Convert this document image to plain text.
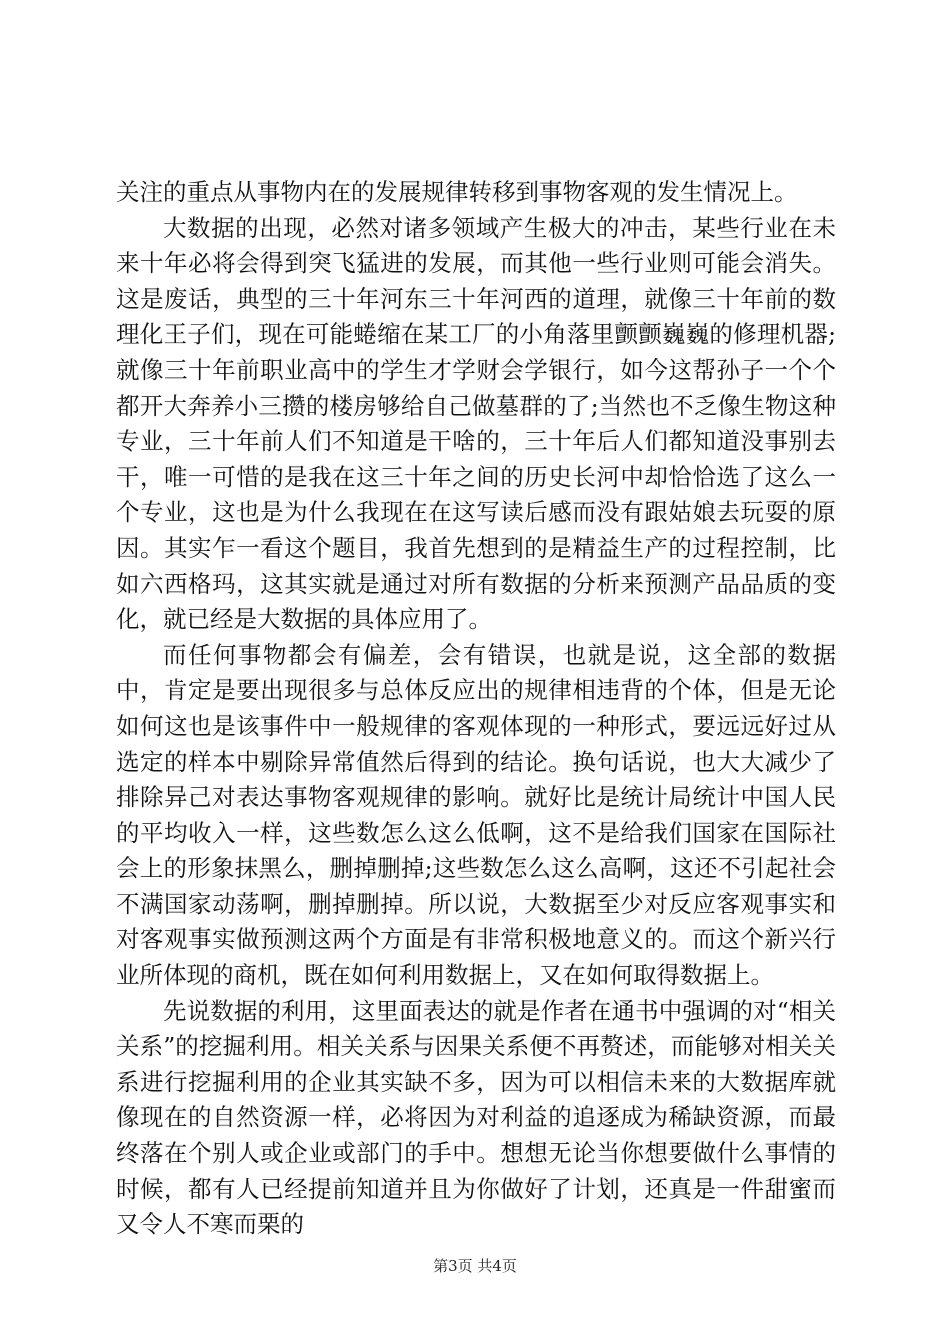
关注的重点从事物内在的发展规律转移到事物客观的发生情况上。

大数据的出现，必然对诸多领域产生极大的冲击，某些行业在未来十年必将会得到突飞猛进的发展，而其他一些行业则可能会消失。这是废话，典型的三十年河东三十年河西的道理，就像三十年前的数理化王子们，现在可能蜷缩在某工厂的小角落里颤颤巍巍的修理机器;就像三十年前职业高中的学生才学财会学银行，如今这帮孙子一个个都开大奔养小三攒的楼房够给自己做墓群的了;当然也不乏像生物这种专业，三十年前人们不知道是干啥的，三十年后人们都知道没事别去干，唯一可惜的是我在这三十年之间的历史长河中却恰恰选了这么一个专业，这也是为什么我现在在这写读后感而没有跟姑娘去玩耍的原因。其实乍一看这个题目，我首先想到的是精益生产的过程控制，比如六西格玛，这其实就是通过对所有数据的分析来预测产品品质的变化，就已经是大数据的具体应用了。

而任何事物都会有偏差，会有错误，也就是说，这全部的数据中，肯定是要出现很多与总体反应出的规律相违背的个体，但是无论如何这也是该事件中一般规律的客观体现的一种形式，要远远好过从选定的样本中剔除异常值然后得到的结论。换句话说，也大大减少了排除异己对表达事物客观规律的影响。就好比是统计局统计中国人民的平均收入一样，这些数怎么这么低啊，这不是给我们国家在国际社会上的形象抹黑么，删掉删掉;这些数怎么这么高啊，这还不引起社会不满国家动荡啊，删掉删掉。所以说，大数据至少对反应客观事实和对客观事实做预测这两个方面是有非常积极地意义的。而这个新兴行业所体现的商机，既在如何利用数据上，又在如何取得数据上。

先说数据的利用，这里面表达的就是作者在通书中强调的对“相关关系”的挖掘利用。相关关系与因果关系便不再赘述，而能够对相关关系进行挖掘利用的企业其实缺不多，因为可以相信未来的大数据库就像现在的自然资源一样，必将因为对利益的追逐成为稀缺资源，而最终落在个别人或企业或部门的手中。想想无论当你想要做什么事情的时候，都有人已经提前知道并且为你做好了计划，还真是一件甜蜜而又令人不寒而栗的

第3页 共4页
